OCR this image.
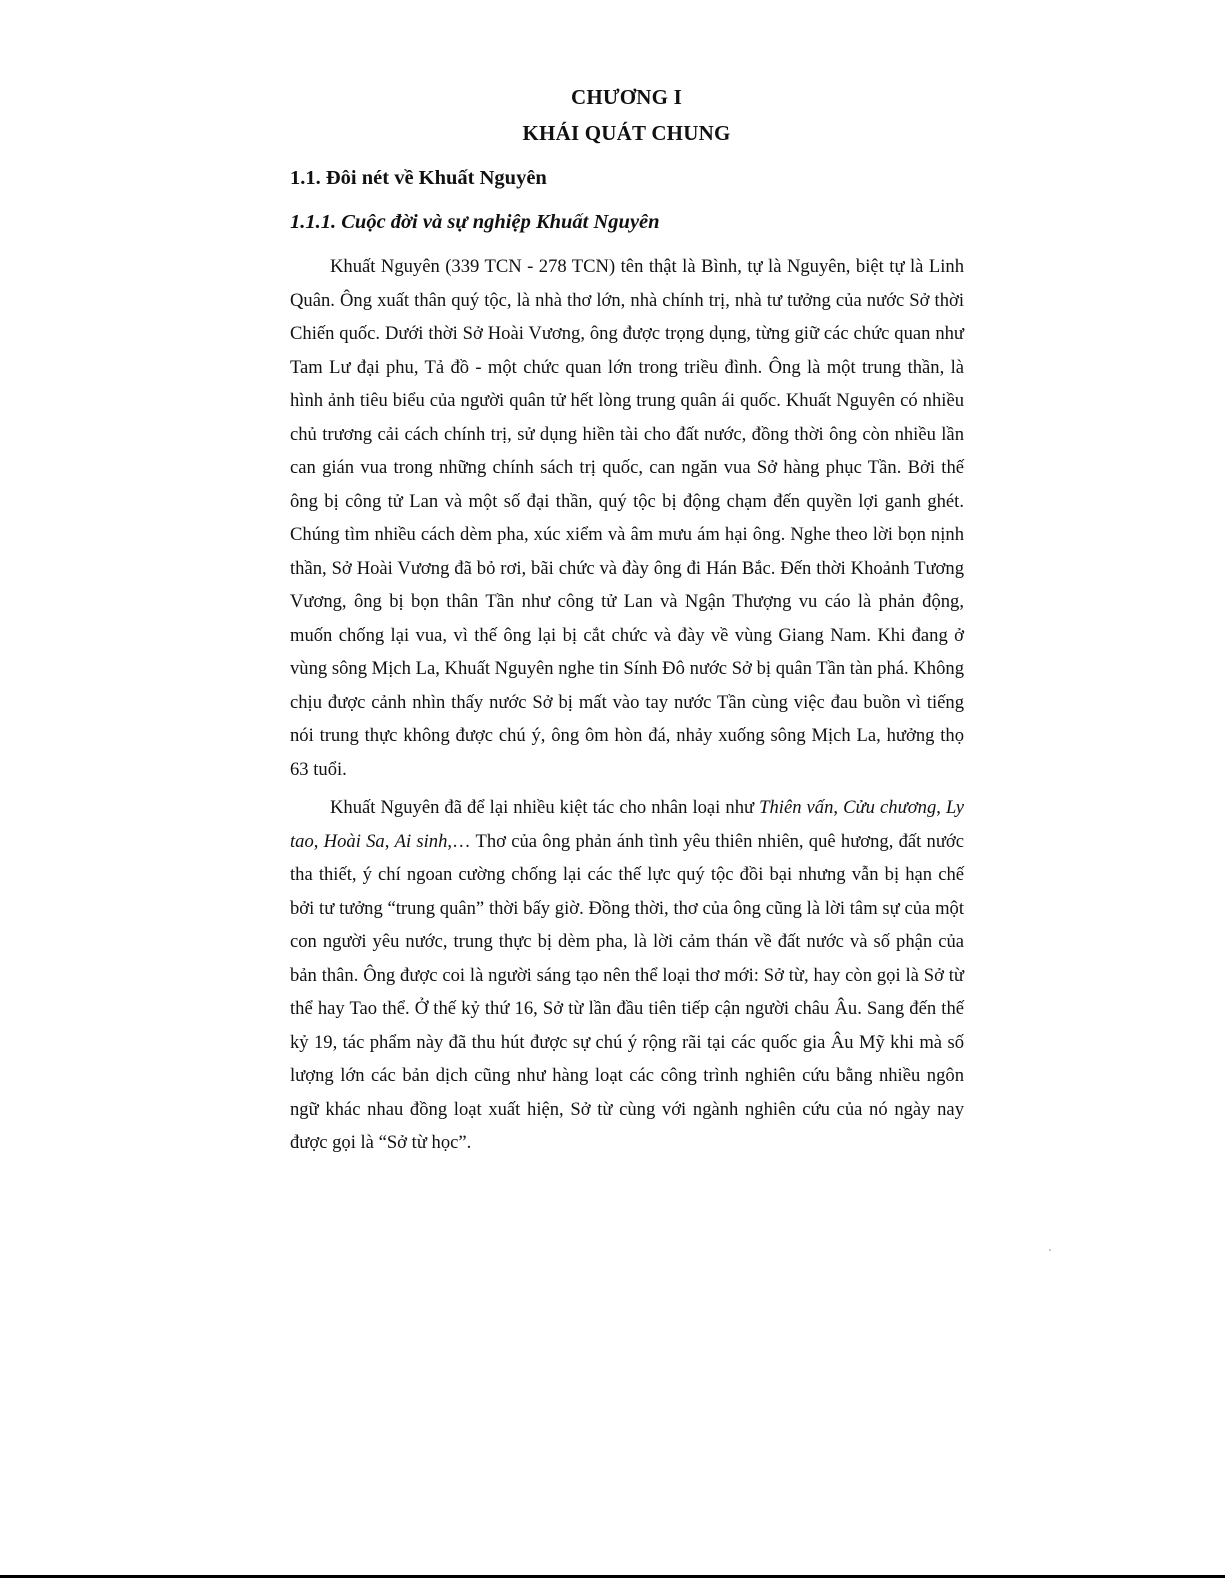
CHƯƠNG I
KHÁI QUÁT CHUNG
1.1. Đôi nét về Khuất Nguyên
1.1.1. Cuộc đời và sự nghiệp Khuất Nguyên

Khuất Nguyên (339 TCN - 278 TCN) tên thật là Bình, tự là Nguyên, biệt tự là Linh Quân. Ông xuất thân quý tộc, là nhà thơ lớn, nhà chính trị, nhà tư tưởng của nước Sở thời Chiến quốc. Dưới thời Sở Hoài Vương, ông được trọng dụng, từng giữ các chức quan như Tam Lư đại phu, Tả đồ - một chức quan lớn trong triều đình. Ông là một trung thần, là hình ảnh tiêu biểu của người quân tử hết lòng trung quân ái quốc. Khuất Nguyên có nhiều chủ trương cải cách chính trị, sử dụng hiền tài cho đất nước, đồng thời ông còn nhiều lần can gián vua trong những chính sách trị quốc, can ngăn vua Sở hàng phục Tần. Bởi thế ông bị công tử Lan và một số đại thần, quý tộc bị động chạm đến quyền lợi ganh ghét. Chúng tìm nhiều cách dèm pha, xúc xiểm và âm mưu ám hại ông. Nghe theo lời bọn nịnh thần, Sở Hoài Vương đã bỏ rơi, bãi chức và đày ông đi Hán Bắc. Đến thời Khoảnh Tương Vương, ông bị bọn thân Tần như công tử Lan và Ngận Thượng vu cáo là phản động, muốn chống lại vua, vì thế ông lại bị cắt chức và đày về vùng Giang Nam. Khi đang ở vùng sông Mịch La, Khuất Nguyên nghe tin Sính Đô nước Sở bị quân Tần tàn phá. Không chịu được cảnh nhìn thấy nước Sở bị mất vào tay nước Tần cùng việc đau buồn vì tiếng nói trung thực không được chú ý, ông ôm hòn đá, nhảy xuống sông Mịch La, hưởng thọ 63 tuổi.

Khuất Nguyên đã để lại nhiều kiệt tác cho nhân loại như Thiên vấn, Cửu chương, Ly tao, Hoài Sa, Ai sinh,… Thơ của ông phản ánh tình yêu thiên nhiên, quê hương, đất nước tha thiết, ý chí ngoan cường chống lại các thế lực quý tộc đồi bại nhưng vẫn bị hạn chế bởi tư tưởng “trung quân” thời bấy giờ. Đồng thời, thơ của ông cũng là lời tâm sự của một con người yêu nước, trung thực bị dèm pha, là lời cảm thán về đất nước và số phận của bản thân. Ông được coi là người sáng tạo nên thể loại thơ mới: Sở từ, hay còn gọi là Sở từ thể hay Tao thể. Ở thế kỷ thứ 16, Sở từ lần đầu tiên tiếp cận người châu Âu. Sang đến thế kỷ 19, tác phẩm này đã thu hút được sự chú ý rộng rãi tại các quốc gia Âu Mỹ khi mà số lượng lớn các bản dịch cũng như hàng loạt các công trình nghiên cứu bằng nhiều ngôn ngữ khác nhau đồng loạt xuất hiện, Sở từ cùng với ngành nghiên cứu của nó ngày nay được gọi là “Sở từ học”.
